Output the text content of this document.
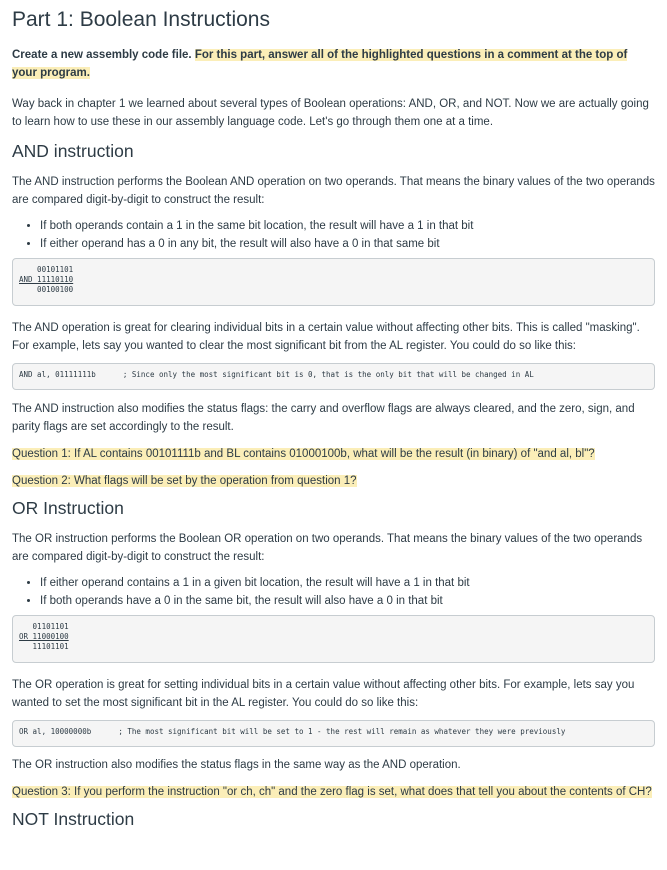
Part 1: Boolean Instructions

Create a new assembly code file. For this part, answer all of the highlighted questions in a comment at the top of your program.

Way back in chapter 1 we learned about several types of Boolean operations: AND, OR, and NOT. Now we are actually going to learn how to use these in our assembly language code. Let's go through them one at a time.

AND instruction

The AND instruction performs the Boolean AND operation on two operands. That means the binary values of the two operands are compared digit-by-digit to construct the result:

• If both operands contain a 1 in the same bit location, the result will have a 1 in that bit
• If either operand has a 0 in any bit, the result will also have a 0 in that same bit
00101101
AND 11110110
00100100

The AND operation is great for clearing individual bits in a certain value without affecting other bits. This is called "masking". For example, lets say you wanted to clear the most significant bit from the AL register. You could do so like this:

AND al, 01111111b      ; Since only the most significant bit is 0, that is the only bit that will be changed in AL

The AND instruction also modifies the status flags: the carry and overflow flags are always cleared, and the zero, sign, and parity flags are set accordingly to the result.

Question 1: If AL contains 00101111b and BL contains 01000100b, what will be the result (in binary) of "and al, bl"?

Question 2: What flags will be set by the operation from question 1?

OR Instruction

The OR instruction performs the Boolean OR operation on two operands. That means the binary values of the two operands are compared digit-by-digit to construct the result:

• If either operand contains a 1 in a given bit location, the result will have a 1 in that bit
• If both operands have a 0 in the same bit, the result will also have a 0 in that bit
01101101
OR 11000100
11101101

The OR operation is great for setting individual bits in a certain value without affecting other bits. For example, lets say you wanted to set the most significant bit in the AL register. You could do so like this:

OR al, 10000000b      ; The most significant bit will be set to 1 - the rest will remain as whatever they were previously

The OR instruction also modifies the status flags in the same way as the AND operation.

Question 3: If you perform the instruction "or ch, ch" and the zero flag is set, what does that tell you about the contents of CH?

NOT Instruction
